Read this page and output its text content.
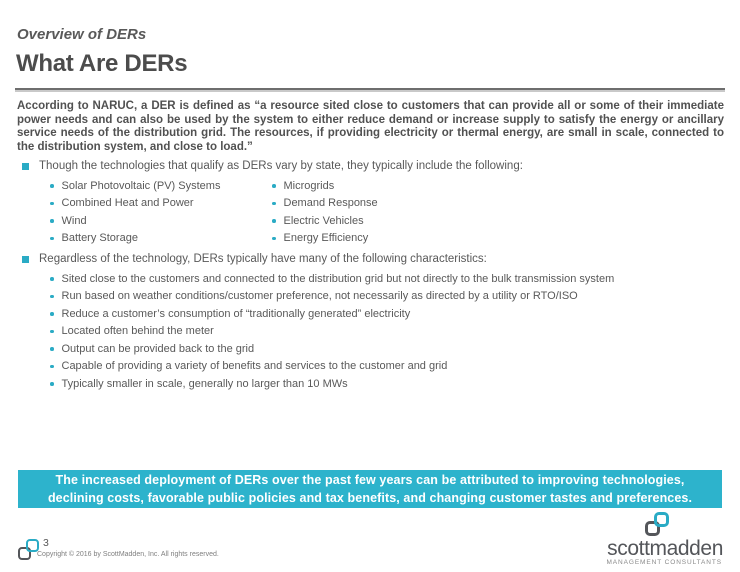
Overview of DERs
What Are DERs
According to NARUC, a DER is defined as “a resource sited close to customers that can provide all or some of their immediate power needs and can also be used by the system to either reduce demand or increase supply to satisfy the energy or ancillary service needs of the distribution grid. The resources, if providing electricity or thermal energy, are small in scale, connected to the distribution system, and close to load.”
Though the technologies that qualify as DERs vary by state, they typically include the following:
Solar Photovoltaic (PV) Systems
Combined Heat and Power
Wind
Battery Storage
Microgrids
Demand Response
Electric Vehicles
Energy Efficiency
Regardless of the technology, DERs typically have many of the following characteristics:
Sited close to the customers and connected to the distribution grid but not directly to the bulk transmission system
Run based on weather conditions/customer preference, not necessarily as directed by a utility or RTO/ISO
Reduce a customer’s consumption of “traditionally generated” electricity
Located often behind the meter
Output can be provided back to the grid
Capable of providing a variety of benefits and services to the customer and grid
Typically smaller in scale, generally no larger than 10 MWs
The increased deployment of DERs over the past few years can be attributed to improving technologies, declining costs, favorable public policies and tax benefits, and changing customer tastes and preferences.
3
Copyright © 2016 by ScottMadden, Inc. All rights reserved.	scottmadden
MANAGEMENT CONSULTANTS
